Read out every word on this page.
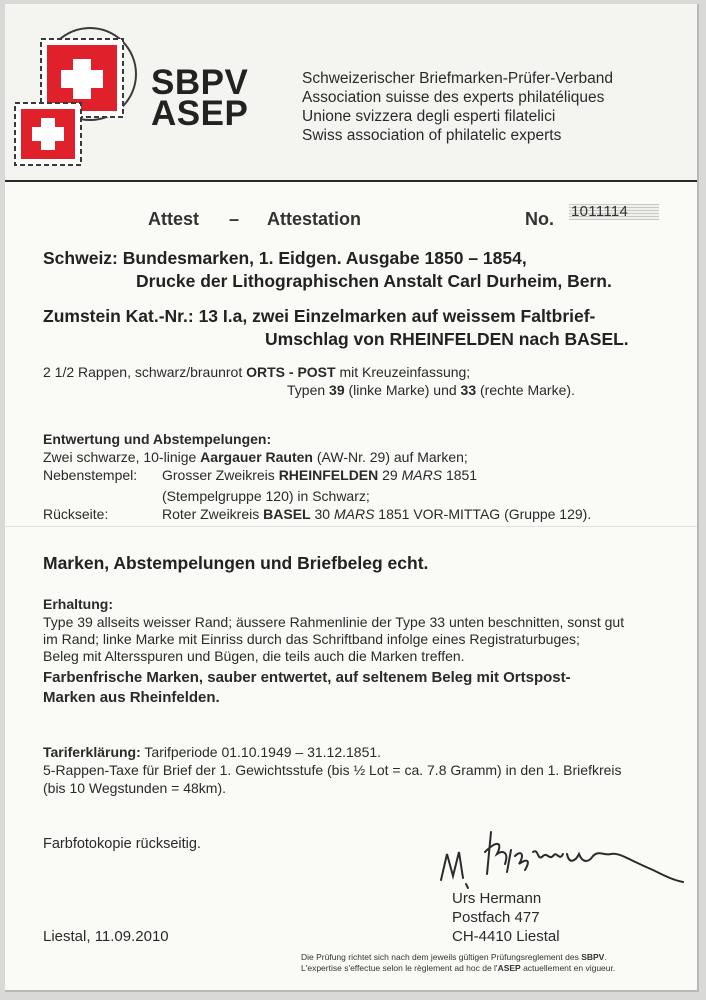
SBPV
ASEP
Schweizerischer Briefmarken-Prüfer-Verband
Association suisse des experts philatéliques
Unione svizzera degli esperti filatelici
Swiss association of philatelic experts
Attest – Attestation	No. 1011114
Schweiz: Bundesmarken, 1. Eidgen. Ausgabe 1850 – 1854,
Drucke der Lithographischen Anstalt Carl Durheim, Bern.
Zumstein Kat.-Nr.: 13 I.a, zwei Einzelmarken auf weissem Faltbrief-
Umschlag von RHEINFELDEN nach BASEL.
2 1/2 Rappen, schwarz/braunrot ORTS - POST mit Kreuzeinfassung;
Typen 39 (linke Marke) und 33 (rechte Marke).
Entwertung und Abstempelungen:
Zwei schwarze, 10-linige Aargauer Rauten (AW-Nr. 29) auf Marken;
Nebenstempel: Grosser Zweikreis RHEINFELDEN 29 MARS 1851
(Stempelgruppe 120) in Schwarz;
Rückseite:	Roter Zweikreis BASEL 30 MARS 1851 VOR-MITTAG (Gruppe 129).
Marken, Abstempelungen und Briefbeleg echt.
Erhaltung:
Type 39 allseits weisser Rand; äussere Rahmenlinie der Type 33 unten beschnitten, sonst gut
im Rand; linke Marke mit Einriss durch das Schriftband infolge eines Registraturbuges;
Beleg mit Altersspuren und Bügen, die teils auch die Marken treffen.
Farbenfrische Marken, sauber entwertet, auf seltenem Beleg mit Ortspost-
Marken aus Rheinfelden.
Tariferklärung: Tarifperiode 01.10.1949 – 31.12.1851.
5-Rappen-Taxe für Brief der 1. Gewichtsstufe (bis ½ Lot = ca. 7.8 Gramm) in den 1. Briefkreis
(bis 10 Wegstunden = 48km).
Farbfotokopie rückseitig.
Urs Hermann
Postfach 477
CH-4410 Liestal
Liestal, 11.09.2010
Die Prüfung richtet sich nach dem jeweils gültigen Prüfungsreglement des SBPV.
L'expertise s'effectue selon le règlement ad hoc de l'ASEP actuellement en vigueur.
